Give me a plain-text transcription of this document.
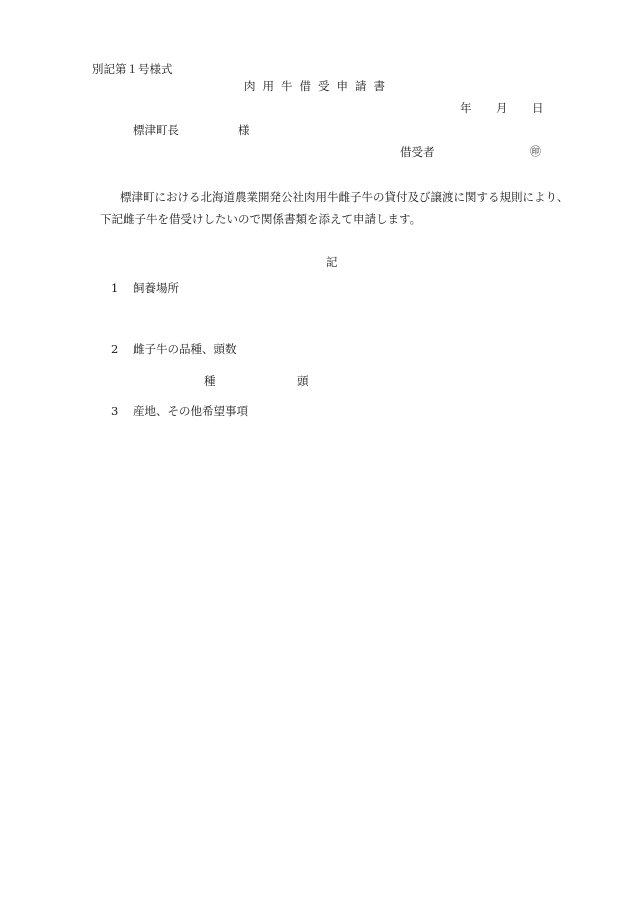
別記第１号様式
肉用牛借受申請書
年 月 日
標津町長	様
借受者	㊞
標津町における北海道農業開発公社肉用牛雌子牛の貸付及び譲渡に関する規則により、
下記雌子牛を借受けしたいので関係書類を添えて申請します。
記
1 飼養場所
2 雌子牛の品種、頭数
種	頭
3 産地、その他希望事項
